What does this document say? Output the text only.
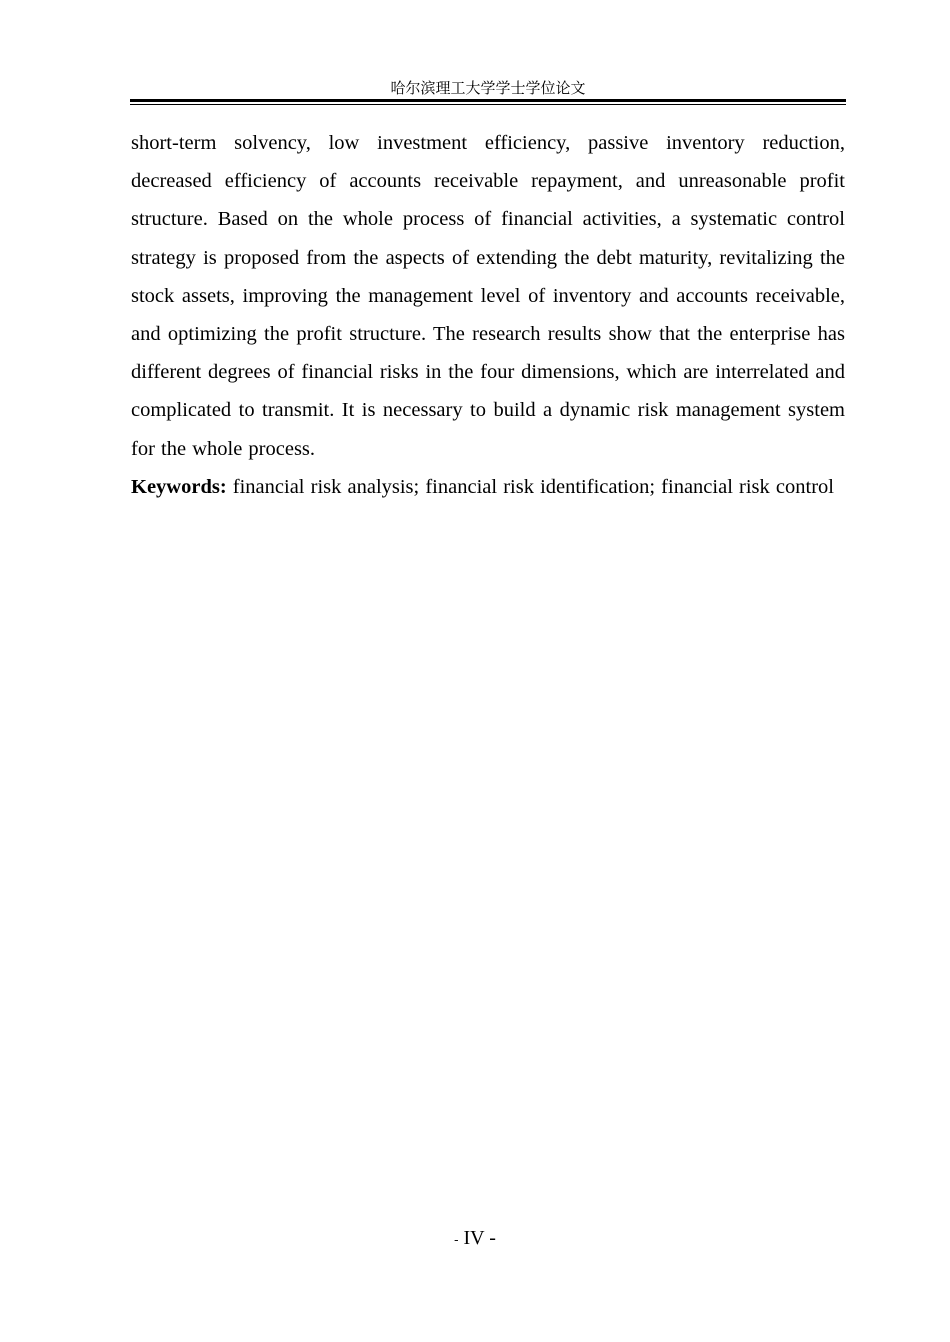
哈尔滨理工大学学士学位论文

short-term solvency, low investment efficiency, passive inventory reduction, decreased efficiency of accounts receivable repayment, and unreasonable profit structure. Based on the whole process of financial activities, a systematic control strategy is proposed from the aspects of extending the debt maturity, revitalizing the stock assets, improving the management level of inventory and accounts receivable, and optimizing the profit structure. The research results show that the enterprise has different degrees of financial risks in the four dimensions, which are interrelated and complicated to transmit. It is necessary to build a dynamic risk management system for the whole process.

Keywords: financial risk analysis; financial risk identification; financial risk control

- IV -
